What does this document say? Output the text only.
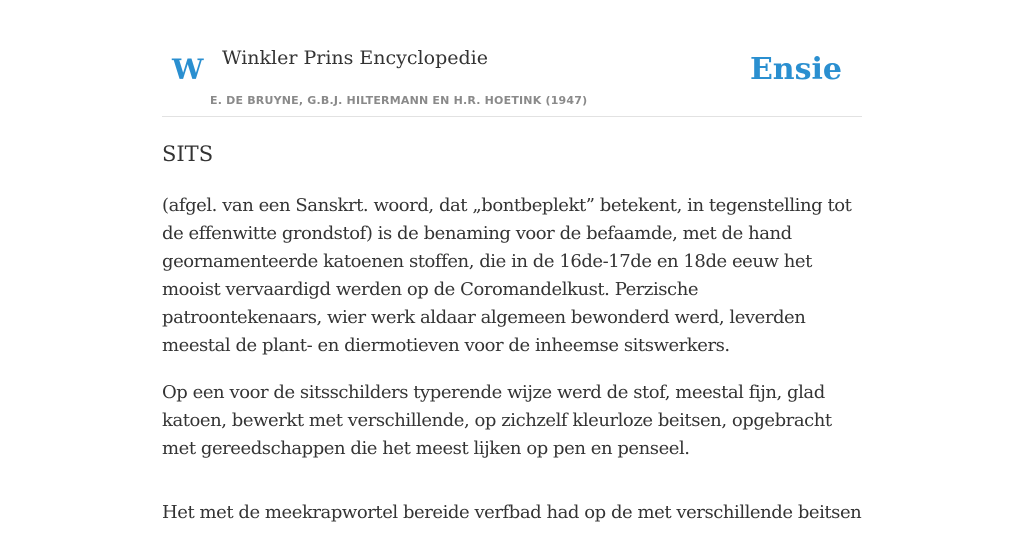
W Winkler Prins Encyclopedie
E. DE BRUYNE, G.B.J. HILTERMANN EN H.R. HOETINK (1947)
Ensie
SITS

(afgel. van een Sanskrt. woord, dat „bontbeplekt” betekent, in tegenstelling tot de effenwitte grondstof) is de benaming voor de befaamde, met de hand geornamenteerde katoenen stoffen, die in de 16de-17de en 18de eeuw het mooist vervaardigd werden op de Coromandelkust. Perzische patroontekenaars, wier werk aldaar algemeen bewonderd werd, leverden meestal de plant- en diermotieven voor de inheemse sitswerkers.

Op een voor de sitsschilders typerende wijze werd de stof, meestal fijn, glad katoen, bewerkt met verschillende, op zichzelf kleurloze beitsen, opgebracht met gereedschappen die het meest lijken op pen en penseel.

Het met de meekrapwortel bereide verfbad had op de met verschillende beitsen
